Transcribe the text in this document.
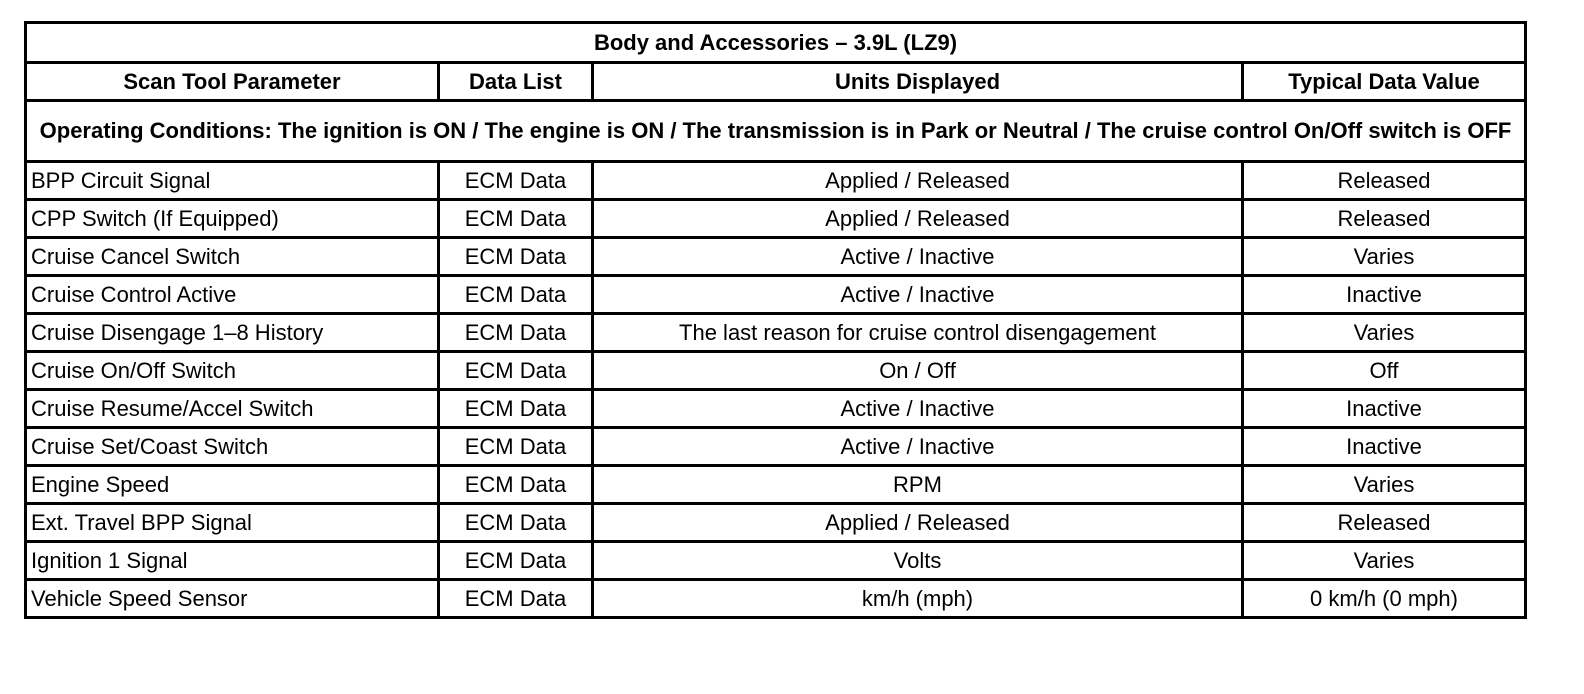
Body and Accessories – 3.9L (LZ9)			
Scan Tool Parameter	Data List	Units Displayed	Typical Data Value
Operating Conditions: The ignition is ON / The engine is ON / The transmission is in Park or Neutral / The cruise control On/Off switch is OFF			
BPP Circuit Signal	ECM Data	Applied / Released	Released
CPP Switch (If Equipped)	ECM Data	Applied / Released	Released
Cruise Cancel Switch	ECM Data	Active / Inactive	Varies
Cruise Control Active	ECM Data	Active / Inactive	Inactive
Cruise Disengage 1–8 History	ECM Data	The last reason for cruise control disengagement	Varies
Cruise On/Off Switch	ECM Data	On / Off	Off
Cruise Resume/Accel Switch	ECM Data	Active / Inactive	Inactive
Cruise Set/Coast Switch	ECM Data	Active / Inactive	Inactive
Engine Speed	ECM Data	RPM	Varies
Ext. Travel BPP Signal	ECM Data	Applied / Released	Released
Ignition 1 Signal	ECM Data	Volts	Varies
Vehicle Speed Sensor	ECM Data	km/h (mph)	0 km/h (0 mph)
